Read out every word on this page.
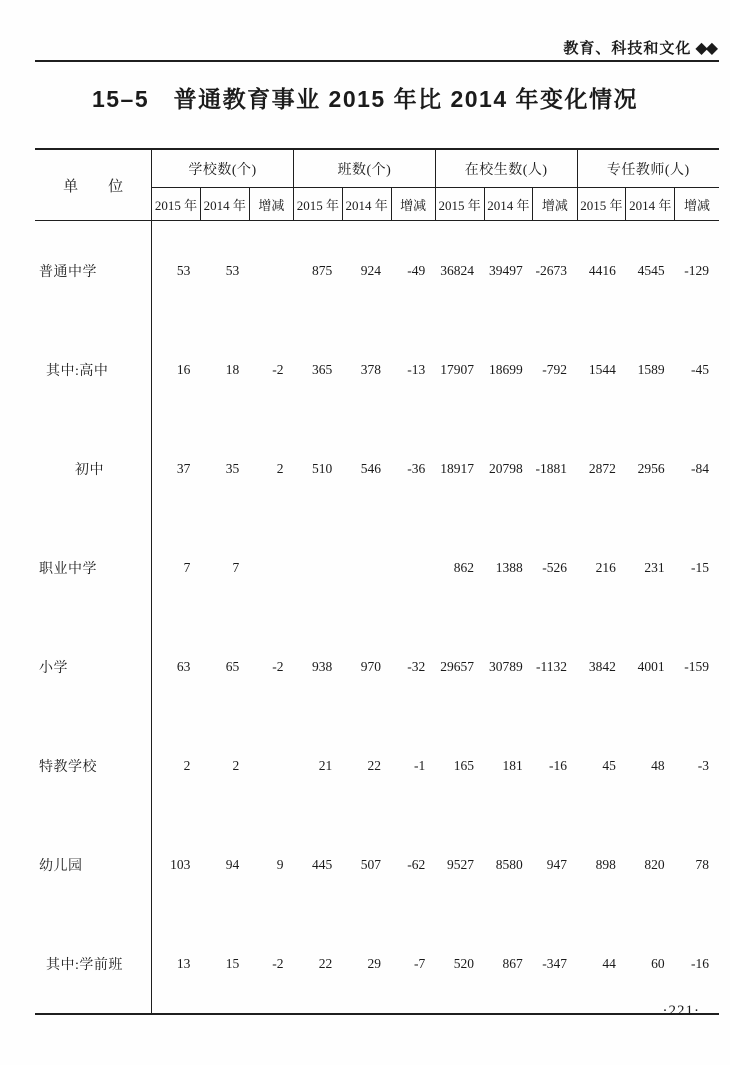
教育、科技和文化 ◆◆
15–5　普通教育事业 2015 年比 2014 年变化情况
单　　位	学校数(个)			班数(个)			在校生数(人)			专任教师(人)		
	2015 年	2014 年	增减	2015 年	2014 年	增减	2015 年	2014 年	增减	2015 年	2014 年	增减
普通中学	53	53		875	924	-49	36824	39497	-2673	4416	4545	-129
其中:高中	16	18	-2	365	378	-13	17907	18699	-792	1544	1589	-45
初中	37	35	2	510	546	-36	18917	20798	-1881	2872	2956	-84
职业中学	7	7					862	1388	-526	216	231	-15
小学	63	65	-2	938	970	-32	29657	30789	-1132	3842	4001	-159
特教学校	2	2		21	22	-1	165	181	-16	45	48	-3
幼儿园	103	94	9	445	507	-62	9527	8580	947	898	820	78
其中:学前班	13	15	-2	22	29	-7	520	867	-347	44	60	-16
·221·
